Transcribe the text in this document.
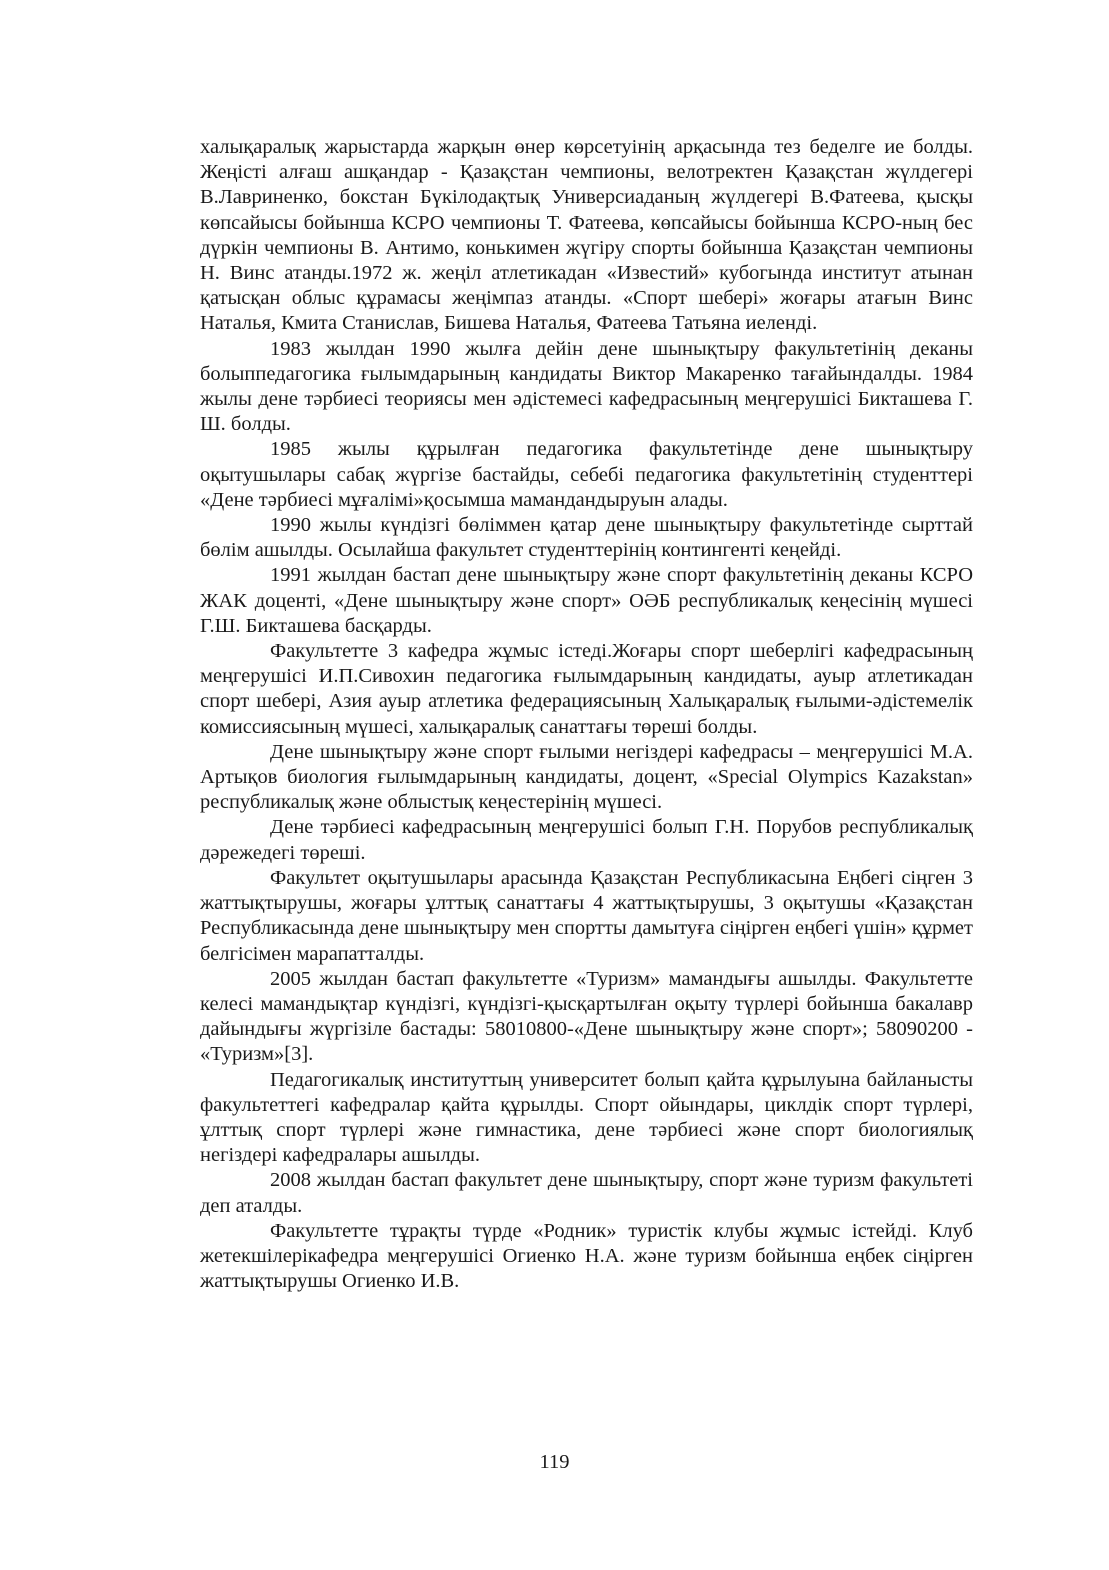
халықаралық жарыстарда жарқын өнер көрсетуінің арқасында тез беделге ие болды. Жеңісті алғаш ашқандар - Қазақстан чемпионы, велотректен Қазақстан жүлдегері В.Лавриненко, бокстан Бүкілодақтық Универсиаданың жүлдегері В.Фатеева, қысқы көпсайысы бойынша КСРО чемпионы Т. Фатеева, көпсайысы бойынша КСРО-ның бес дүркін чемпионы В. Антимо, конькимен жүгіру спорты бойынша Қазақстан чемпионы Н. Винс атанды.1972 ж. жеңіл атлетикадан «Известий» кубогында институт атынан қатысқан облыс құрамасы жеңімпаз атанды. «Спорт шебері» жоғары атағын Винс Наталья, Кмита Станислав, Бишева Наталья, Фатеева Татьяна иеленді.

1983 жылдан 1990 жылға дейін дене шынықтыру факультетінің деканы болыппедагогика ғылымдарының кандидаты Виктор Макаренко тағайындалды. 1984 жылы дене тәрбиесі теориясы мен әдістемесі кафедрасының меңгерушісі Бикташева Г. Ш. болды.

1985 жылы құрылған педагогика факультетінде дене шынықтыру оқытушылары сабақ жүргізе бастайды, себебі педагогика факультетінің студенттері «Дене тәрбиесі мұғалімі»қосымша мамандандыруын алады.

1990 жылы күндізгі бөліммен қатар дене шынықтыру факультетінде сырттай бөлім ашылды. Осылайша факультет студенттерінің контингенті кеңейді.

1991 жылдан бастап дене шынықтыру және спорт факультетінің деканы КСРО ЖАК доценті, «Дене шынықтыру және спорт» ОӘБ республикалық кеңесінің мүшесі Г.Ш. Бикташева басқарды.

Факультетте 3 кафедра жұмыс істеді.Жоғары спорт шеберлігі кафедрасының меңгерушісі И.П.Сивохин педагогика ғылымдарының кандидаты, ауыр атлетикадан спорт шебері, Азия ауыр атлетика федерациясының Халықаралық ғылыми-әдістемелік комиссиясының мүшесі, халықаралық санаттағы төреші болды.

Дене шынықтыру және спорт ғылыми негіздері кафедрасы – меңгерушісі М.А. Артықов биология ғылымдарының кандидаты, доцент, «Special Olympics Kazakstan» республикалық және облыстық кеңестерінің мүшесі.

Дене тәрбиесі кафедрасының меңгерушісі болып Г.Н. Порубов республикалық дәрежедегі төреші.

Факультет оқытушылары арасында Қазақстан Республикасына Еңбегі сіңген 3 жаттықтырушы, жоғары ұлттық санаттағы 4 жаттықтырушы, 3 оқытушы «Қазақстан Республикасында дене шынықтыру мен спортты дамытуға сіңірген еңбегі үшін» құрмет белгісімен марапатталды.

2005 жылдан бастап факультетте «Туризм» мамандығы ашылды. Факультетте келесі мамандықтар күндізгі, күндізгі-қысқартылған оқыту түрлері бойынша бакалавр дайындығы жүргізіле бастады: 58010800-«Дене шынықтыру және спорт»; 58090200 - «Туризм»[3].

Педагогикалық институттың университет болып қайта құрылуына байланысты факультеттегі кафедралар қайта құрылды. Спорт ойындары, циклдік спорт түрлері, ұлттық спорт түрлері және гимнастика, дене тәрбиесі және спорт биологиялық негіздері кафедралары ашылды.

2008 жылдан бастап факультет дене шынықтыру, спорт және туризм факультеті деп аталды.

Факультетте тұрақты түрде «Родник» туристік клубы жұмыс істейді. Клуб жетекшілерікафедра меңгерушісі Огиенко Н.А. және туризм бойынша еңбек сіңірген жаттықтырушы Огиенко И.В.

119
